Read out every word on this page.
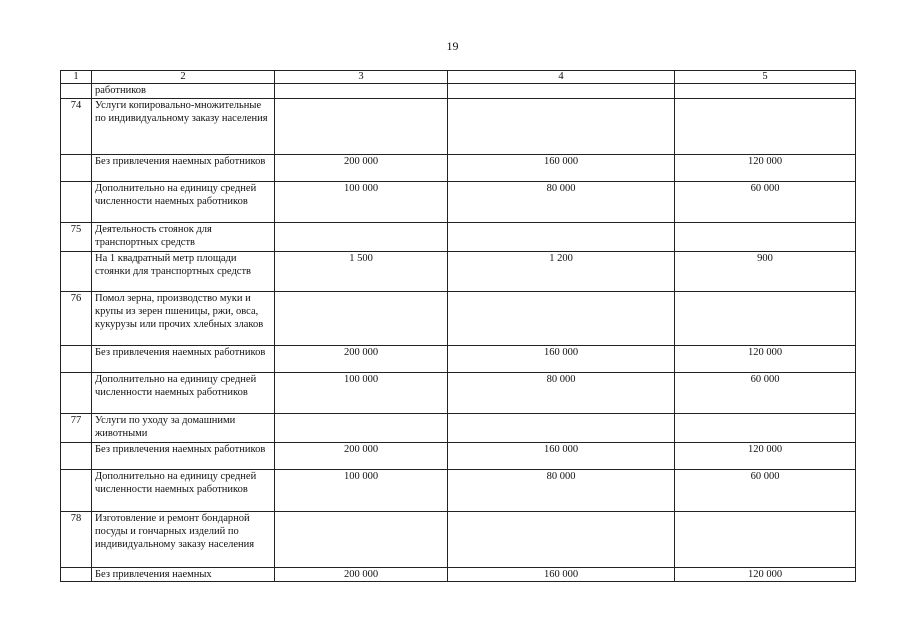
19
1	2	3	4	5
	работников			
74	Услуги копировально-множительные по индивидуальному заказу населения			
	Без привлечения наемных работников	200 000	160 000	120 000
	Дополнительно на единицу средней численности наемных работников	100 000	80 000	60 000
75	Деятельность стоянок для транспортных средств			
	На 1 квадратный метр площади стоянки для транспортных средств	1 500	1 200	900
76	Помол зерна, производство муки и крупы из зерен пшеницы, ржи, овса, кукурузы или прочих хлебных злаков			
	Без привлечения наемных работников	200 000	160 000	120 000
	Дополнительно на единицу средней численности наемных работников	100 000	80 000	60 000
77	Услуги по уходу за домашними животными			
	Без привлечения наемных работников	200 000	160 000	120 000
	Дополнительно на единицу средней численности наемных работников	100 000	80 000	60 000
78	Изготовление и ремонт бондарной посуды и гончарных изделий по индивидуальному заказу населения			
	Без привлечения наемных	200 000	160 000	120 000
